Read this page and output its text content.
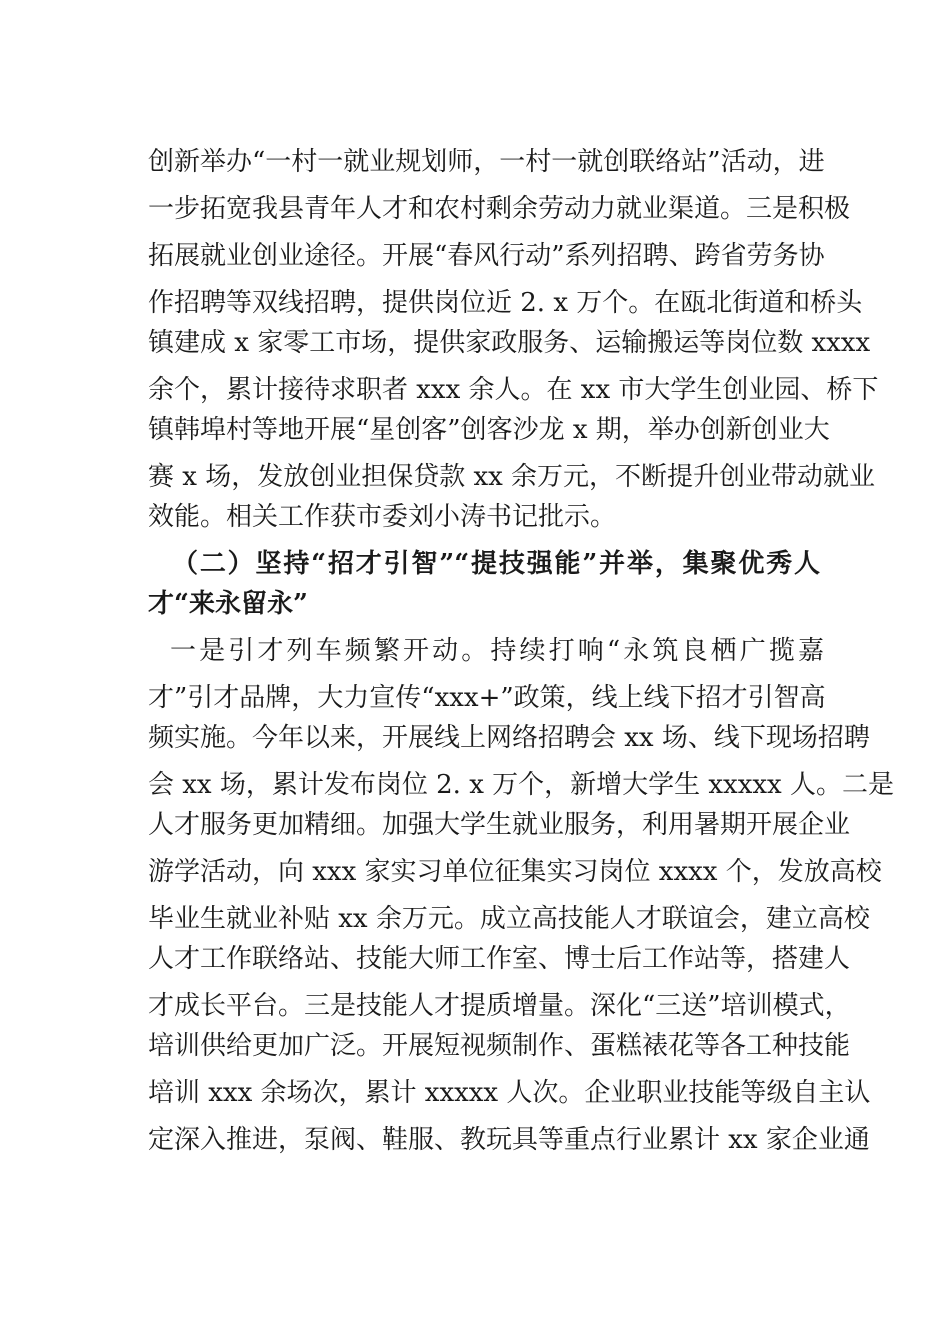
创新举办“一村一就业规划师，一村一就创联络站”活动，进
一步拓宽我县青年人才和农村剩余劳动力就业渠道。三是积极
拓展就业创业途径。开展“春风行动”系列招聘、跨省劳务协
作招聘等双线招聘，提供岗位近 2. x 万个。在瓯北街道和桥头
镇建成 x 家零工市场，提供家政服务、运输搬运等岗位数 xxxx
余个，累计接待求职者 xxx 余人。在 xx 市大学生创业园、桥下
镇韩埠村等地开展“星创客”创客沙龙 x 期，举办创新创业大
赛 x 场，发放创业担保贷款 xx 余万元，不断提升创业带动就业
效能。相关工作获市委刘小涛书记批示。
（二）坚持“招才引智”“提技强能”并举，集聚优秀人
才“来永留永”
一是引才列车频繁开动。持续打响“永筑良栖广揽嘉
才”引才品牌，大力宣传“xxx+”政策，线上线下招才引智高
频实施。今年以来，开展线上网络招聘会 xx 场、线下现场招聘
会 xx 场，累计发布岗位 2. x 万个，新增大学生 xxxxx 人。二是
人才服务更加精细。加强大学生就业服务，利用暑期开展企业
游学活动，向 xxx 家实习单位征集实习岗位 xxxx 个，发放高校
毕业生就业补贴 xx 余万元。成立高技能人才联谊会，建立高校
人才工作联络站、技能大师工作室、博士后工作站等，搭建人
才成长平台。三是技能人才提质增量。深化“三送”培训模式，
培训供给更加广泛。开展短视频制作、蛋糕裱花等各工种技能
培训 xxx 余场次，累计 xxxxx 人次。企业职业技能等级自主认
定深入推进，泵阀、鞋服、教玩具等重点行业累计 xx 家企业通
